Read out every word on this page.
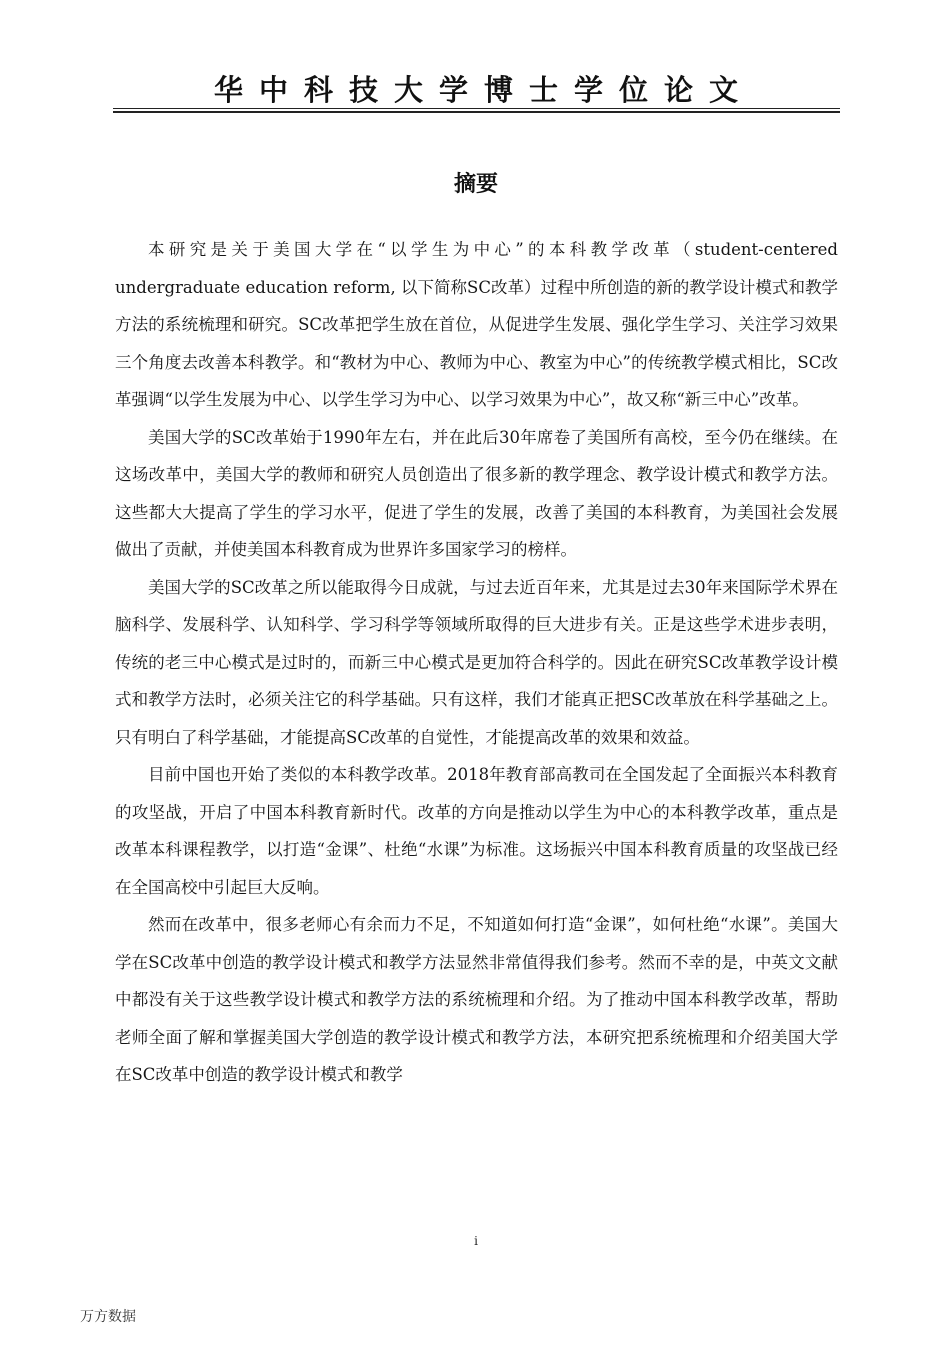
华中科技大学博士学位论文
摘要

本研究是关于美国大学在“以学生为中心”的本科教学改革（student-centered undergraduate education reform, 以下简称SC改革）过程中所创造的新的教学设计模式和教学方法的系统梳理和研究。SC改革把学生放在首位，从促进学生发展、强化学生学习、关注学习效果三个角度去改善本科教学。和“教材为中心、教师为中心、教室为中心”的传统教学模式相比，SC改革强调“以学生发展为中心、以学生学习为中心、以学习效果为中心”，故又称“新三中心”改革。

美国大学的SC改革始于1990年左右，并在此后30年席卷了美国所有高校，至今仍在继续。在这场改革中，美国大学的教师和研究人员创造出了很多新的教学理念、教学设计模式和教学方法。这些都大大提高了学生的学习水平，促进了学生的发展，改善了美国的本科教育，为美国社会发展做出了贡献，并使美国本科教育成为世界许多国家学习的榜样。

美国大学的SC改革之所以能取得今日成就，与过去近百年来，尤其是过去30年来国际学术界在脑科学、发展科学、认知科学、学习科学等领域所取得的巨大进步有关。正是这些学术进步表明，传统的老三中心模式是过时的，而新三中心模式是更加符合科学的。因此在研究SC改革教学设计模式和教学方法时，必须关注它的科学基础。只有这样，我们才能真正把SC改革放在科学基础之上。只有明白了科学基础，才能提高SC改革的自觉性，才能提高改革的效果和效益。

目前中国也开始了类似的本科教学改革。2018年教育部高教司在全国发起了全面振兴本科教育的攻坚战，开启了中国本科教育新时代。改革的方向是推动以学生为中心的本科教学改革，重点是改革本科课程教学，以打造“金课”、杜绝“水课”为标准。这场振兴中国本科教育质量的攻坚战已经在全国高校中引起巨大反响。

然而在改革中，很多老师心有余而力不足，不知道如何打造“金课”，如何杜绝“水课”。美国大学在SC改革中创造的教学设计模式和教学方法显然非常值得我们参考。然而不幸的是，中英文文献中都没有关于这些教学设计模式和教学方法的系统梳理和介绍。为了推动中国本科教学改革，帮助老师全面了解和掌握美国大学创造的教学设计模式和教学方法，本研究把系统梳理和介绍美国大学在SC改革中创造的教学设计模式和教学

i
万方数据
